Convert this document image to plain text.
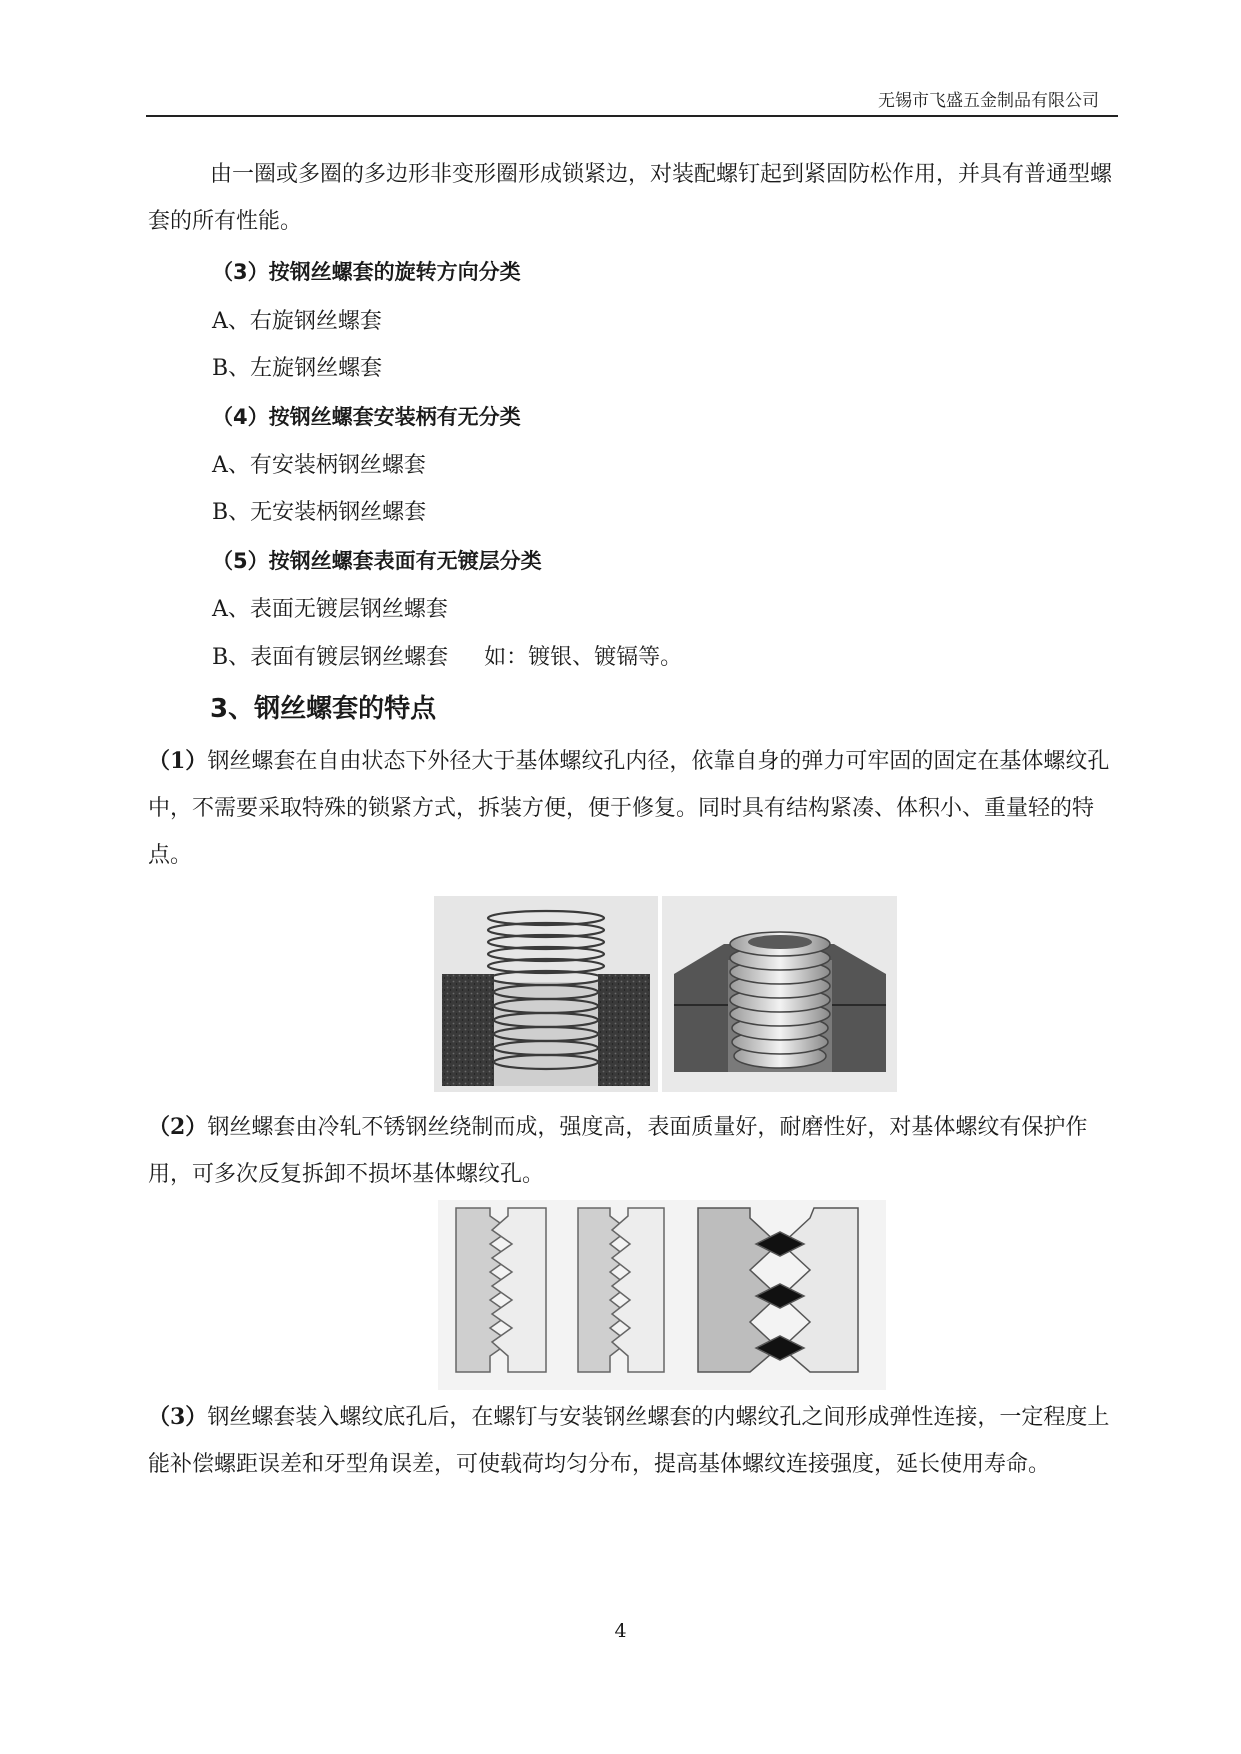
无锡市飞盛五金制品有限公司

由一圈或多圈的多边形非变形圈形成锁紧边，对装配螺钉起到紧固防松作用，并具有普通型螺套的所有性能。

（3）按钢丝螺套的旋转方向分类
A、右旋钢丝螺套
B、左旋钢丝螺套
（4）按钢丝螺套安装柄有无分类
A、有安装柄钢丝螺套
B、无安装柄钢丝螺套
（5）按钢丝螺套表面有无镀层分类
A、表面无镀层钢丝螺套
B、表面有镀层钢丝螺套 如：镀银、镀镉等。
3、钢丝螺套的特点

（1）钢丝螺套在自由状态下外径大于基体螺纹孔内径，依靠自身的弹力可牢固的固定在基体螺纹孔中，不需要采取特殊的锁紧方式，拆装方便，便于修复。同时具有结构紧凑、体积小、重量轻的特点。

（2）钢丝螺套由冷轧不锈钢丝绕制而成，强度高，表面质量好，耐磨性好，对基体螺纹有保护作用，可多次反复拆卸不损坏基体螺纹孔。

（3）钢丝螺套装入螺纹底孔后，在螺钉与安装钢丝螺套的内螺纹孔之间形成弹性连接，一定程度上能补偿螺距误差和牙型角误差，可使载荷均匀分布，提高基体螺纹连接强度，延长使用寿命。

4
